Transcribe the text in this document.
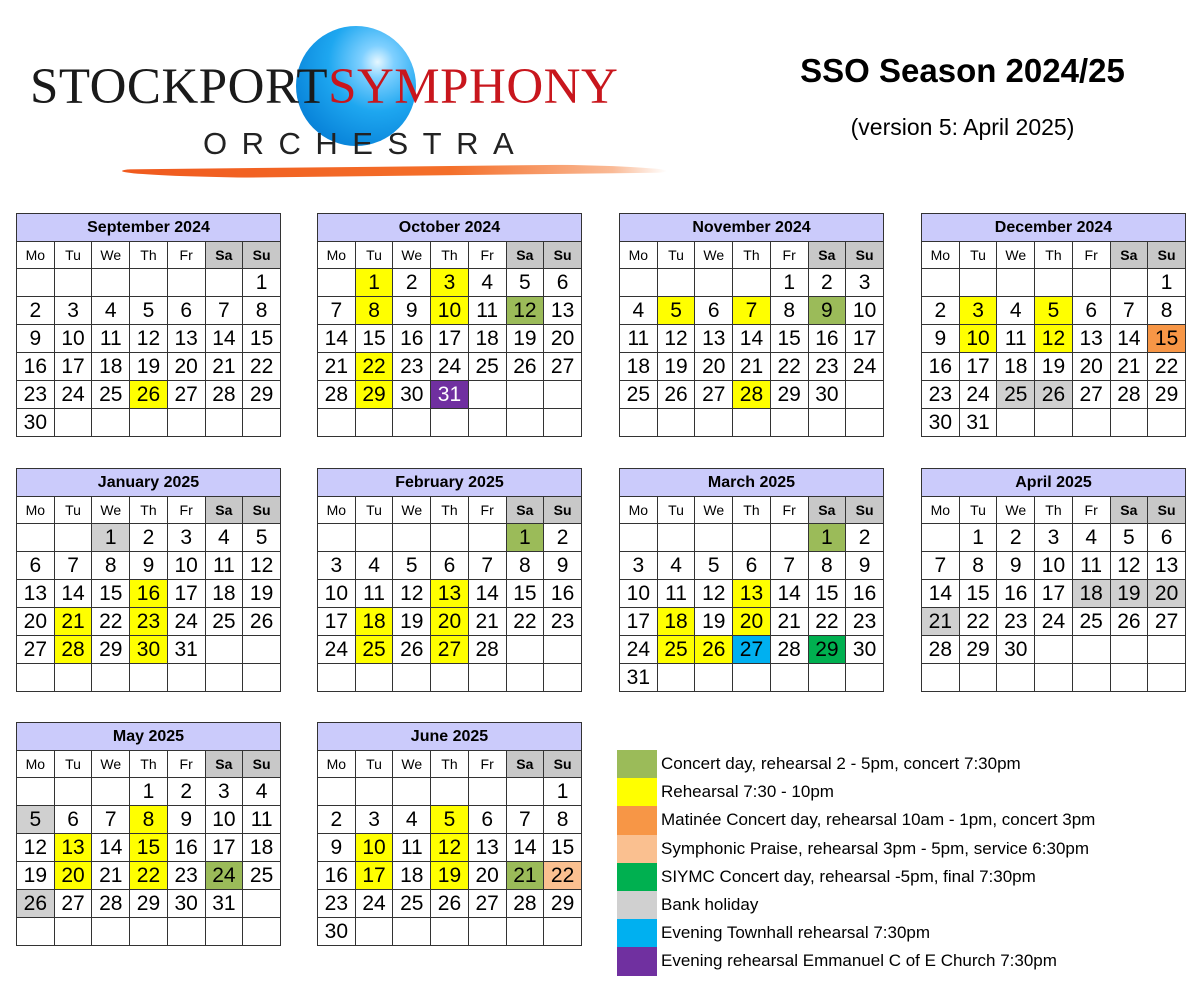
STOCKPORTSYMPHONY
ORCHESTRA
SSO Season 2024/25
(version 5: April 2025)
September 2024						
Mo	Tu	We	Th	Fr	Sa	Su
						1
2	3	4	5	6	7	8
9	10	11	12	13	14	15
16	17	18	19	20	21	22
23	24	25	26	27	28	29
30						
October 2024						
Mo	Tu	We	Th	Fr	Sa	Su
	1	2	3	4	5	6
7	8	9	10	11	12	13
14	15	16	17	18	19	20
21	22	23	24	25	26	27
28	29	30	31			

November 2024						
Mo	Tu	We	Th	Fr	Sa	Su
				1	2	3
4	5	6	7	8	9	10
11	12	13	14	15	16	17
18	19	20	21	22	23	24
25	26	27	28	29	30	

December 2024						
Mo	Tu	We	Th	Fr	Sa	Su
						1
2	3	4	5	6	7	8
9	10	11	12	13	14	15
16	17	18	19	20	21	22
23	24	25	26	27	28	29
30	31					
January 2025						
Mo	Tu	We	Th	Fr	Sa	Su
		1	2	3	4	5
6	7	8	9	10	11	12
13	14	15	16	17	18	19
20	21	22	23	24	25	26
27	28	29	30	31		

February 2025						
Mo	Tu	We	Th	Fr	Sa	Su
					1	2
3	4	5	6	7	8	9
10	11	12	13	14	15	16
17	18	19	20	21	22	23
24	25	26	27	28		

March 2025						
Mo	Tu	We	Th	Fr	Sa	Su
					1	2
3	4	5	6	7	8	9
10	11	12	13	14	15	16
17	18	19	20	21	22	23
24	25	26	27	28	29	30
31						
April 2025						
Mo	Tu	We	Th	Fr	Sa	Su
	1	2	3	4	5	6
7	8	9	10	11	12	13
14	15	16	17	18	19	20
21	22	23	24	25	26	27
28	29	30				

May 2025						
Mo	Tu	We	Th	Fr	Sa	Su
			1	2	3	4
5	6	7	8	9	10	11
12	13	14	15	16	17	18
19	20	21	22	23	24	25
26	27	28	29	30	31	

June 2025						
Mo	Tu	We	Th	Fr	Sa	Su
						1
2	3	4	5	6	7	8
9	10	11	12	13	14	15
16	17	18	19	20	21	22
23	24	25	26	27	28	29
30						
Concert day, rehearsal 2 - 5pm, concert 7:30pm
Rehearsal 7:30 - 10pm
Matinée Concert day, rehearsal 10am - 1pm, concert 3pm
Symphonic Praise, rehearsal 3pm - 5pm, service 6:30pm
SIYMC Concert day, rehearsal -5pm, final 7:30pm
Bank holiday
Evening Townhall rehearsal 7:30pm
Evening rehearsal Emmanuel C of E Church 7:30pm
